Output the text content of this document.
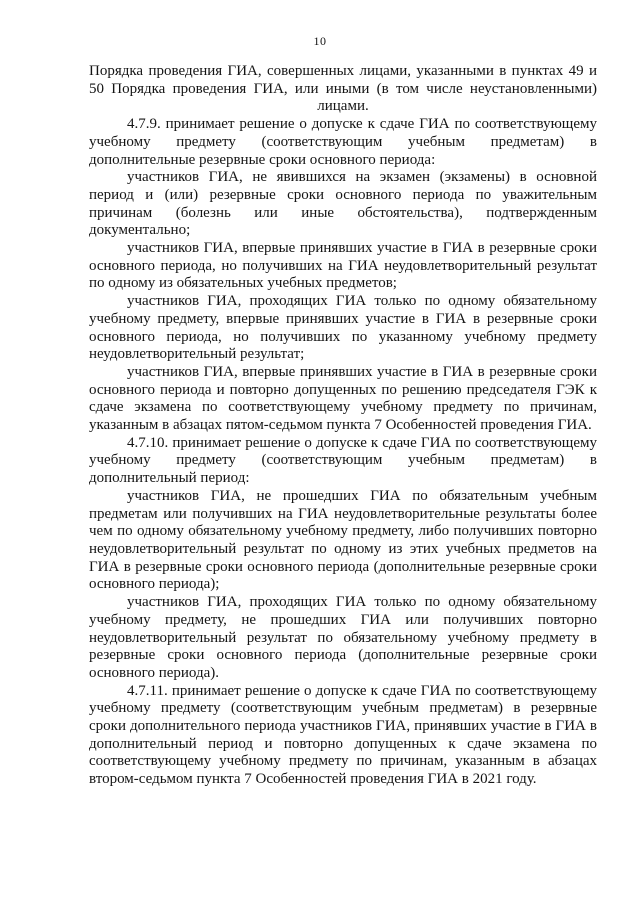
10

Порядка проведения ГИА, совершенных лицами, указанными в пунктах 49 и 50 Порядка проведения ГИА, или иными (в том числе неустановленными) лицами.

4.7.9. принимает решение о допуске к сдаче ГИА по соответствующему учебному предмету (соответствующим учебным предметам) в дополнительные резервные сроки основного периода:

участников ГИА, не явившихся на экзамен (экзамены) в основной период и (или) резервные сроки основного периода по уважительным причинам (болезнь или иные обстоятельства), подтвержденным документально;

участников ГИА, впервые принявших участие в ГИА в резервные сроки основного периода, но получивших на ГИА неудовлетворительный результат по одному из обязательных учебных предметов;

участников ГИА, проходящих ГИА только по одному обязательному учебному предмету, впервые принявших участие в ГИА в резервные сроки основного периода, но получивших по указанному учебному предмету неудовлетворительный результат;

участников ГИА, впервые принявших участие в ГИА в резервные сроки основного периода и повторно допущенных по решению председателя ГЭК к сдаче экзамена по соответствующему учебному предмету по причинам, указанным в абзацах пятом-седьмом пункта 7 Особенностей проведения ГИА.

4.7.10. принимает решение о допуске к сдаче ГИА по соответствующему учебному предмету (соответствующим учебным предметам) в дополнительный период:

участников ГИА, не прошедших ГИА по обязательным учебным предметам или получивших на ГИА неудовлетворительные результаты более чем по одному обязательному учебному предмету, либо получивших повторно неудовлетворительный результат по одному из этих учебных предметов на ГИА в резервные сроки основного периода (дополнительные резервные сроки основного периода);

участников ГИА, проходящих ГИА только по одному обязательному учебному предмету, не прошедших ГИА или получивших повторно неудовлетворительный результат по обязательному учебному предмету в резервные сроки основного периода (дополнительные резервные сроки основного периода).

4.7.11. принимает решение о допуске к сдаче ГИА по соответствующему учебному предмету (соответствующим учебным предметам) в резервные сроки дополнительного периода участников ГИА, принявших участие в ГИА в дополнительный период и повторно допущенных к сдаче экзамена по соответствующему учебному предмету по причинам, указанным в абзацах втором-седьмом пункта 7 Особенностей проведения ГИА в 2021 году.
